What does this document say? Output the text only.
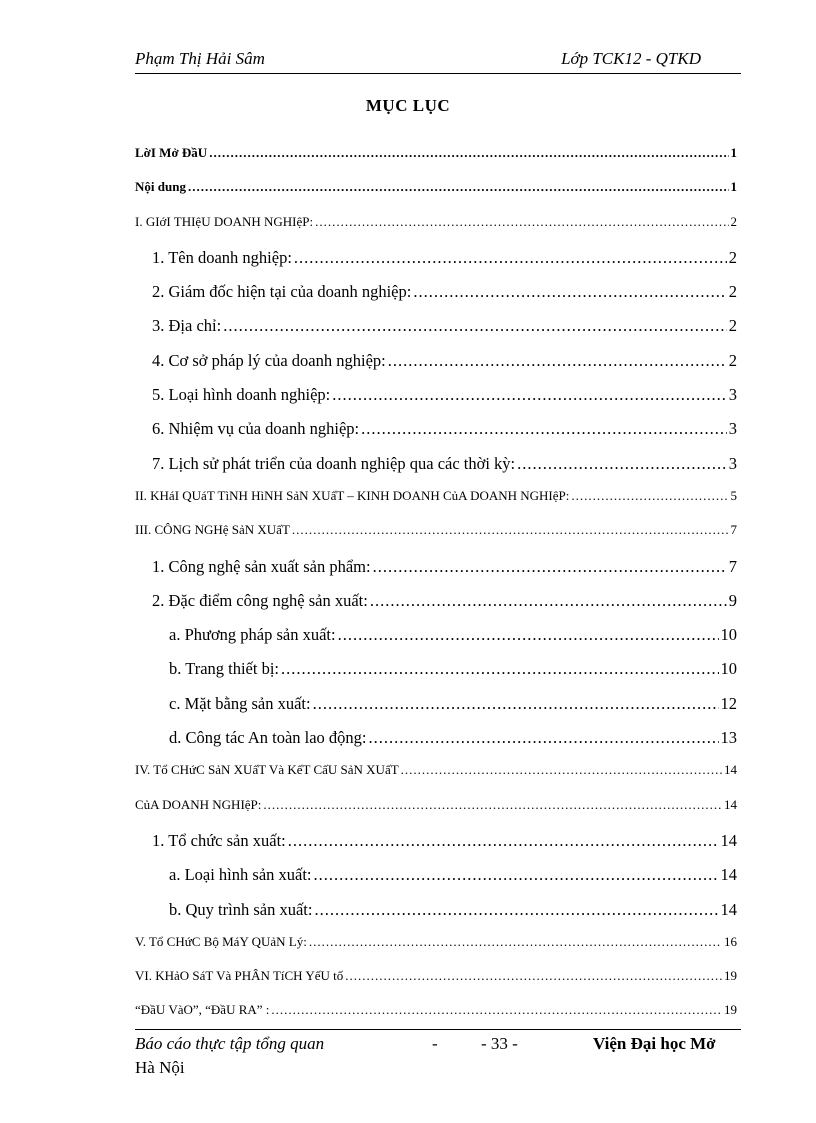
Phạm Thị Hải Sâm	Lớp TCK12 - QTKD
MỤC LỤC
LờI Mở ĐầU .....	1
Nội dung .....	1
I. GIớI THIệU DOANH NGHIệP: .....	2
1. Tên doanh nghiệp: .....	2
2. Giám đốc hiện tại của doanh nghiệp: .....	2
3. Địa chỉ: .....	2
4. Cơ sở pháp lý của doanh nghiệp: .....	2
5. Loại hình doanh nghiệp: .....	3
6. Nhiệm vụ của doanh nghiệp: .....	3
7. Lịch sử phát triển của doanh nghiệp qua các thời kỳ: .....	3
II. KHáI QUáT TìNH HìNH SảN XUấT – KINH DOANH CủA DOANH NGHIệP: .....	5
III. CÔNG NGHệ SảN XUấT .....	7
1. Công nghệ sản xuất sản phẩm: .....	7
2. Đặc điểm công nghệ sản xuất: .....	9
a. Phương pháp sản xuất: .....	10
b. Trang thiết bị: .....	10
c. Mặt bằng sản xuất: .....	12
d. Công tác An toàn lao động: .....	13
IV. Tổ CHứC SảN XUấT Và KếT CấU SảN XUấT .....	14
CủA DOANH NGHIệP: .....	14
1. Tổ chức sản xuất: .....	14
a. Loại hình sản xuất: .....	14
b. Quy trình sản xuất: .....	14
V. Tổ CHứC Bộ MáY QUảN Lý: .....	16
VI. KHảO SáT Và PHÂN TíCH YếU tố .....	19
“ĐầU VàO”, “ĐầU RA” : .....	19
Báo cáo thực tập tổng quan	-	- 33 -	Viện Đại học Mở
Hà Nội
